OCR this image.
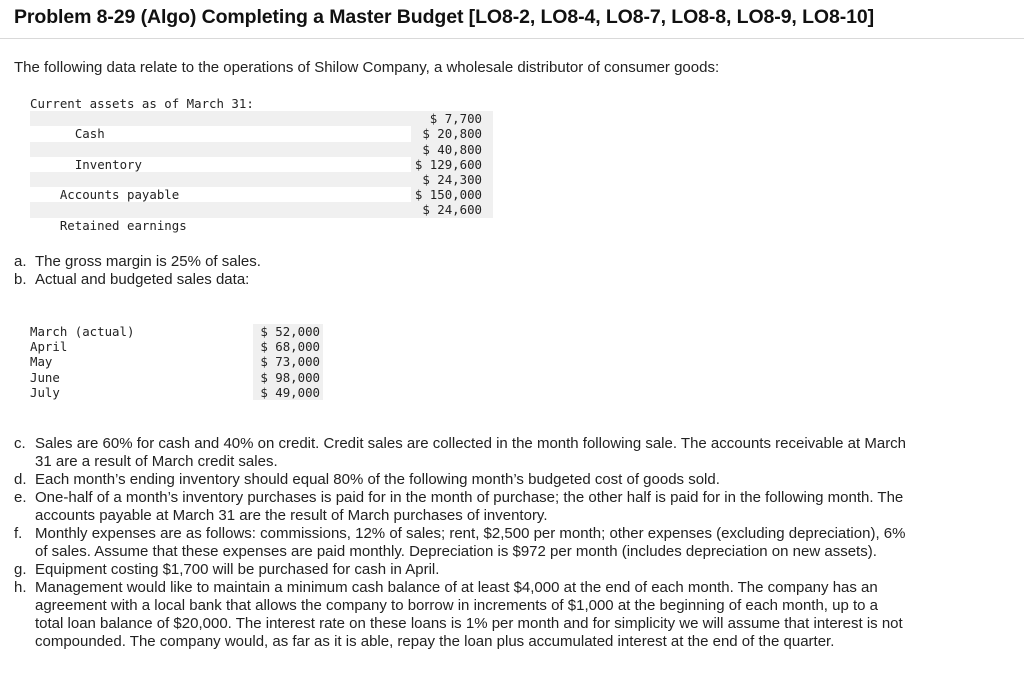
Problem 8-29 (Algo) Completing a Master Budget [LO8-2, LO8-4, LO8-7, LO8-8, LO8-9, LO8-10]

The following data relate to the operations of Shilow Company, a wholesale distributor of consumer goods:

Current assets as of March 31:

Cash

Inventory

Accounts payable

Retained earnings

$ 7,700
$ 20,800
$ 40,800
$ 129,600
$ 24,300
$ 150,000
$ 24,600
a. The gross margin is 25% of sales.
b. Actual and budgeted sales data:
March (actual)
April
May
June
July
$ 52,000
$ 68,000
$ 73,000
$ 98,000
$ 49,000
c. Sales are 60% for cash and 40% on credit. Credit sales are collected in the month following sale. The accounts receivable at March
31 are a result of March credit sales.
d. Each month’s ending inventory should equal 80% of the following month’s budgeted cost of goods sold.
e. One-half of a month’s inventory purchases is paid for in the month of purchase; the other half is paid for in the following month. The
accounts payable at March 31 are the result of March purchases of inventory.
f. Monthly expenses are as follows: commissions, 12% of sales; rent, $2,500 per month; other expenses (excluding depreciation), 6%
of sales. Assume that these expenses are paid monthly. Depreciation is $972 per month (includes depreciation on new assets).
g. Equipment costing $1,700 will be purchased for cash in April.
h. Management would like to maintain a minimum cash balance of at least $4,000 at the end of each month. The company has an
agreement with a local bank that allows the company to borrow in increments of $1,000 at the beginning of each month, up to a
total loan balance of $20,000. The interest rate on these loans is 1% per month and for simplicity we will assume that interest is not
compounded. The company would, as far as it is able, repay the loan plus accumulated interest at the end of the quarter.
